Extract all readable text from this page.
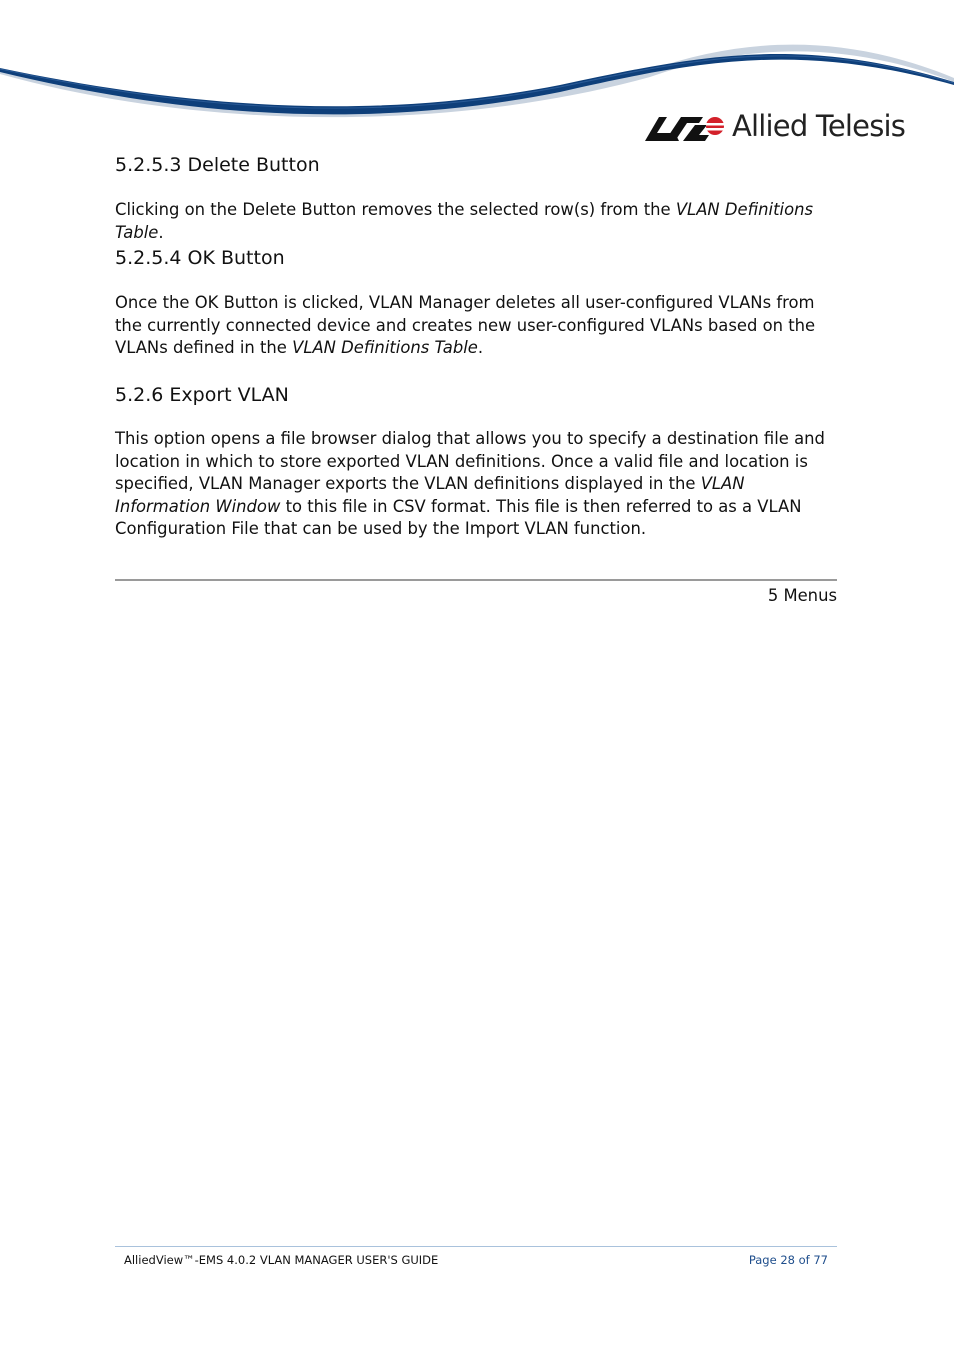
Allied Telesis
5.2.5.3 Delete Button

Clicking on the Delete Button removes the selected row(s) from the VLAN Definitions Table.

5.2.5.4 OK Button

Once the OK Button is clicked, VLAN Manager deletes all user-configured VLANs from the currently connected device and creates new user-configured VLANs based on the VLANs defined in the VLAN Definitions Table.

5.2.6 Export VLAN

This option opens a file browser dialog that allows you to specify a destination file and location in which to store exported VLAN definitions. Once a valid file and location is specified, VLAN Manager exports the VLAN definitions displayed in the VLAN Information Window to this file in CSV format. This file is then referred to as a VLAN Configuration File that can be used by the Import VLAN function.

5 Menus
AlliedView™-EMS 4.0.2 VLAN MANAGER USER'S GUIDE	Page 28 of 77
